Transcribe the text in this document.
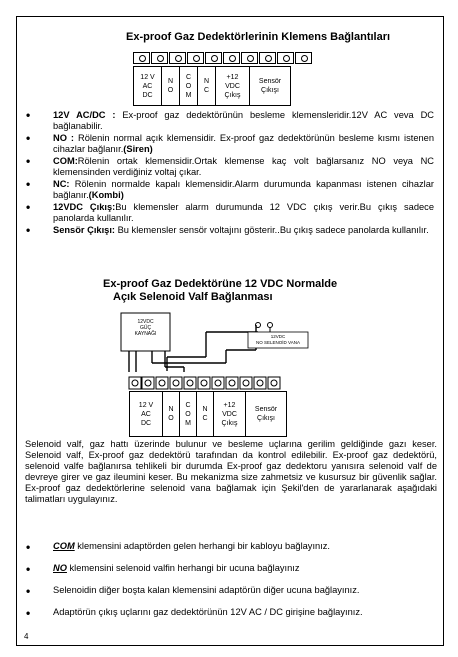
Ex-proof Gaz Dedektörlerinin Klemens Bağlantıları
12 V
AC
DC
N
O
C
O
M
N
C
+12
VDC
Çıkış
Sensör
Çıkışı
• 12V AC/DC : Ex-proof gaz dedektörünün besleme klemensleridir.12V AC veva DC bağlanabilir.
• NO : Rölenin normal açık klemensidir. Ex-proof gaz dedektörünün besleme kısmı istenen cihazlar bağlanır.(Siren)
• COM:Rölenin ortak klemensidir.Ortak klemense kaç volt bağlarsanız NO veya NC klemensinden verdiğiniz voltaj çıkar.
• NC: Rölenin normalde kapalı klemensidir.Alarm durumunda kapanması istenen cihazlar bağlanır.(Kombi)
• 12VDC Çıkış:Bu klemensler alarm durumunda 12 VDC çıkış verir.Bu çıkış sadece panolarda kullanılır.
• Sensör Çıkışı: Bu klemensler sensör voltajını gösterir..Bu çıkış sadece panolarda kullanılır.
Ex-proof Gaz Dedektörüne 12 VDC Normalde
Açık Selenoid Valf Bağlanması
12VDC GÜÇ KAYNAĞI	12VDC NO SELENOİD VANA
12 V
AC
DC
N
O
C
O
M
N
C
+12
VDC
Çıkış
Sensör
Çıkışı
Selenoid valf, gaz hattı üzerinde bulunur ve besleme uçlarına gerilim geldiğinde gazı keser. Selenoid valf, Ex-proof gaz dedektörü tarafından da kontrol edilebilir. Ex-proof gaz dedektörü, selenoid valfe bağlanırsa tehlikeli bir durumda Ex-proof gaz dedektoru yanısıra selenoid valf de devreye girer ve gaz ileumini keser. Bu mekanizma size zahmetsiz ve kusursuz bir güvenlik sağlar. Ex-proof gaz dedektörlerine selenoid vana bağlamak için Şekil'den de yararlanarak aşağıdaki talimatları uygulayınız.
• COM klemensini adaptörden gelen herhangi bir kabloyu bağlayınız.
• NO klemensini selenoid valfin herhangi bir ucuna bağlayınız
• Selenoidin diğer boşta kalan klemensini adaptörün diğer ucuna bağlayınız.
• Adaptörün çıkış uçlarını gaz dedektörünün 12V AC / DC girişine bağlayınız.
4
